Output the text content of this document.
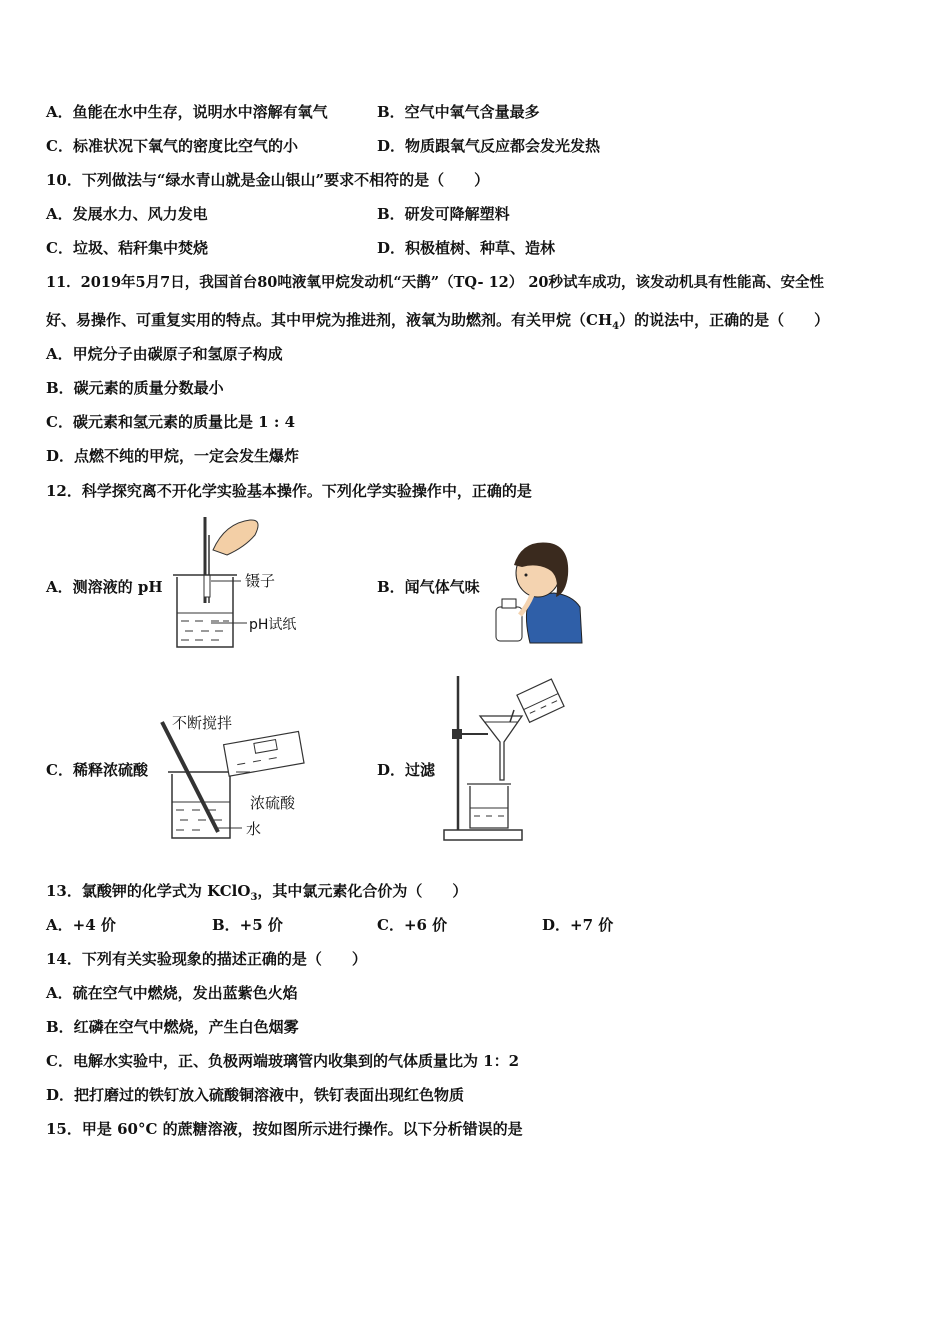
A．鱼能在水中生存，说明水中溶解有氧气	B．空气中氧气含量最多
C．标准状况下氧气的密度比空气的小	D．物质跟氧气反应都会发光发热
10．下列做法与“绿水青山就是金山银山”要求不相符的是（　　）
A．发展水力、风力发电	B．研发可降解塑料
C．垃圾、秸秆集中焚烧	D．积极植树、种草、造林
11．2019年5月7日，我国首台80吨液氧甲烷发动机“天鹊”（TQ- 12） 20秒试车成功，该发动机具有性能高、安全性
好、易操作、可重复实用的特点。其中甲烷为推进剂，液氧为助燃剂。有关甲烷$(CH_4)$的说法中，正确的是（　　）
A．甲烷分子由碳原子和氢原子构成
B．碳元素的质量分数最小
C．碳元素和氢元素的质量比是 1 : 4
D．点燃不纯的甲烷，一定会发生爆炸
12．科学探究离不开化学实验基本操作。下列化学实验操作中，正确的是
A．测溶液的 pH	B．闻气体气味
C．稀释浓硫酸	D．过滤
镊子
pH试纸
不断搅拌
浓硫酸
水
13．氯酸钾的化学式为 KClO$_3$，其中氯元素化合价为（　　）
A．+4 价	B．+5 价	C．+6 价	D．+7 价
14．下列有关实验现象的描述正确的是（　　）
A．硫在空气中燃烧，发出蓝紫色火焰
B．红磷在空气中燃烧，产生白色烟雾
C．电解水实验中，正、负极两端玻璃管内收集到的气体质量比为 1：2
D．把打磨过的铁钉放入硫酸铜溶液中，铁钉表面出现红色物质
15．甲是 60°C 的蔗糖溶液，按如图所示进行操作。以下分析错误的是
